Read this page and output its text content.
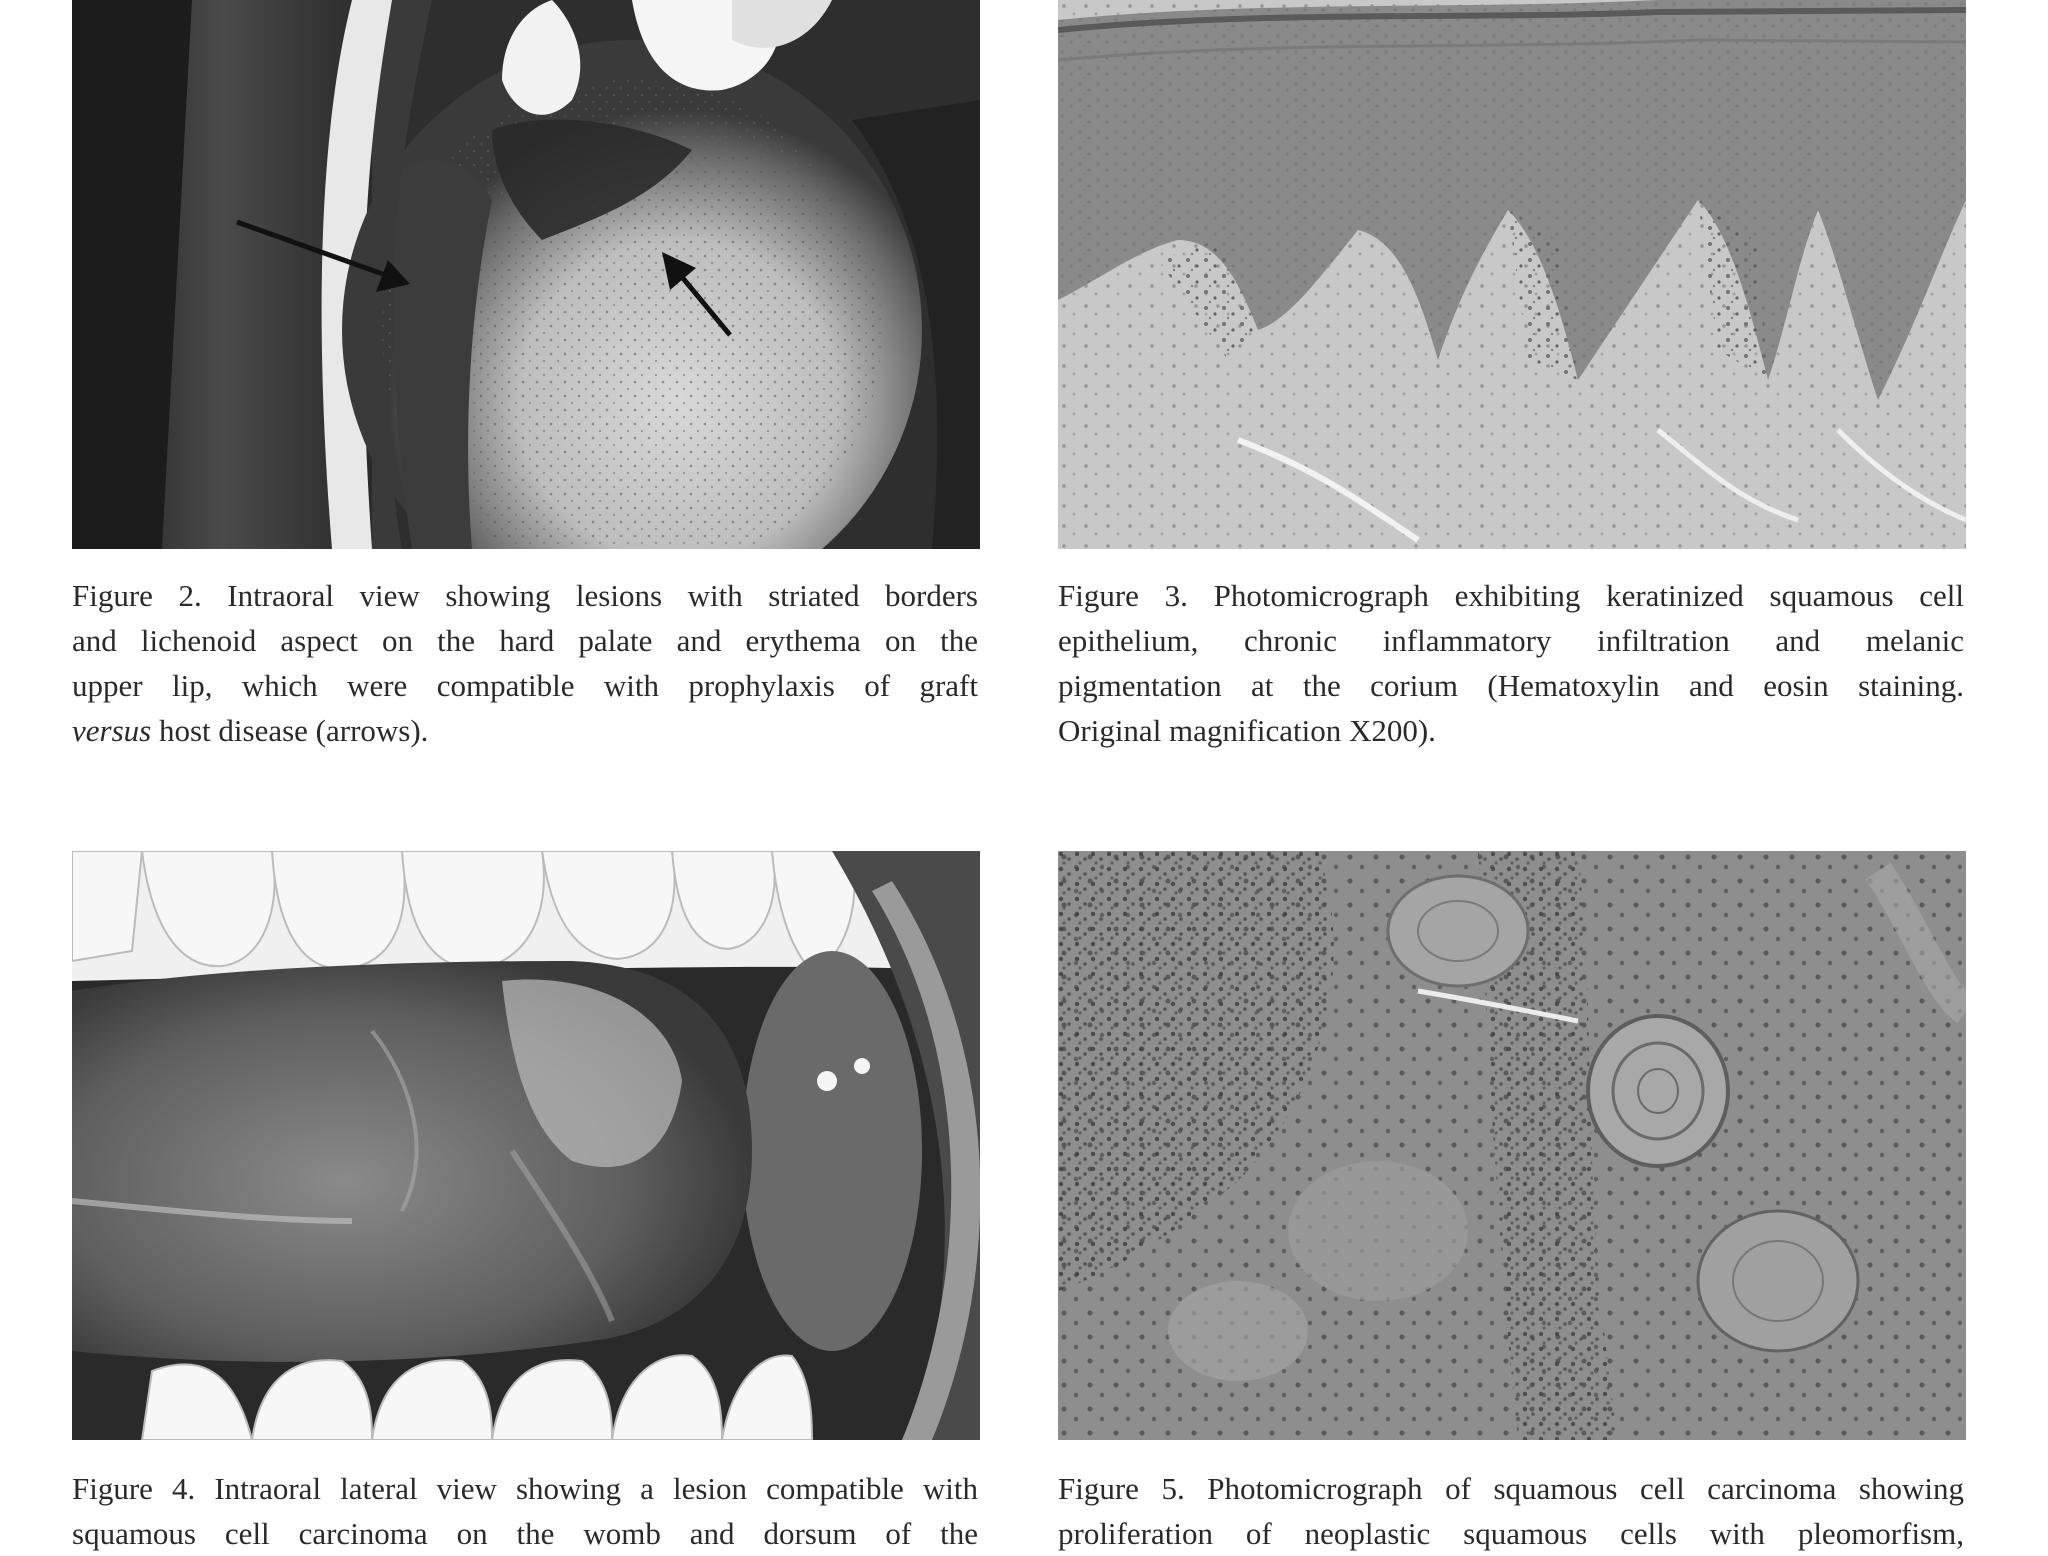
Figure 2. Intraoral view showing lesions with striated borders
and lichenoid aspect on the hard palate and erythema on the
upper lip, which were compatible with prophylaxis of graft
versus host disease (arrows).
Figure 3. Photomicrograph exhibiting keratinized squamous cell
epithelium, chronic inflammatory infiltration and melanic
pigmentation at the corium (Hematoxylin and eosin staining.
Original magnification X200).
Figure 4. Intraoral lateral view showing a lesion compatible with
squamous cell carcinoma on the womb and dorsum of the
Figure 5. Photomicrograph of squamous cell carcinoma showing
proliferation of neoplastic squamous cells with pleomorfism,
